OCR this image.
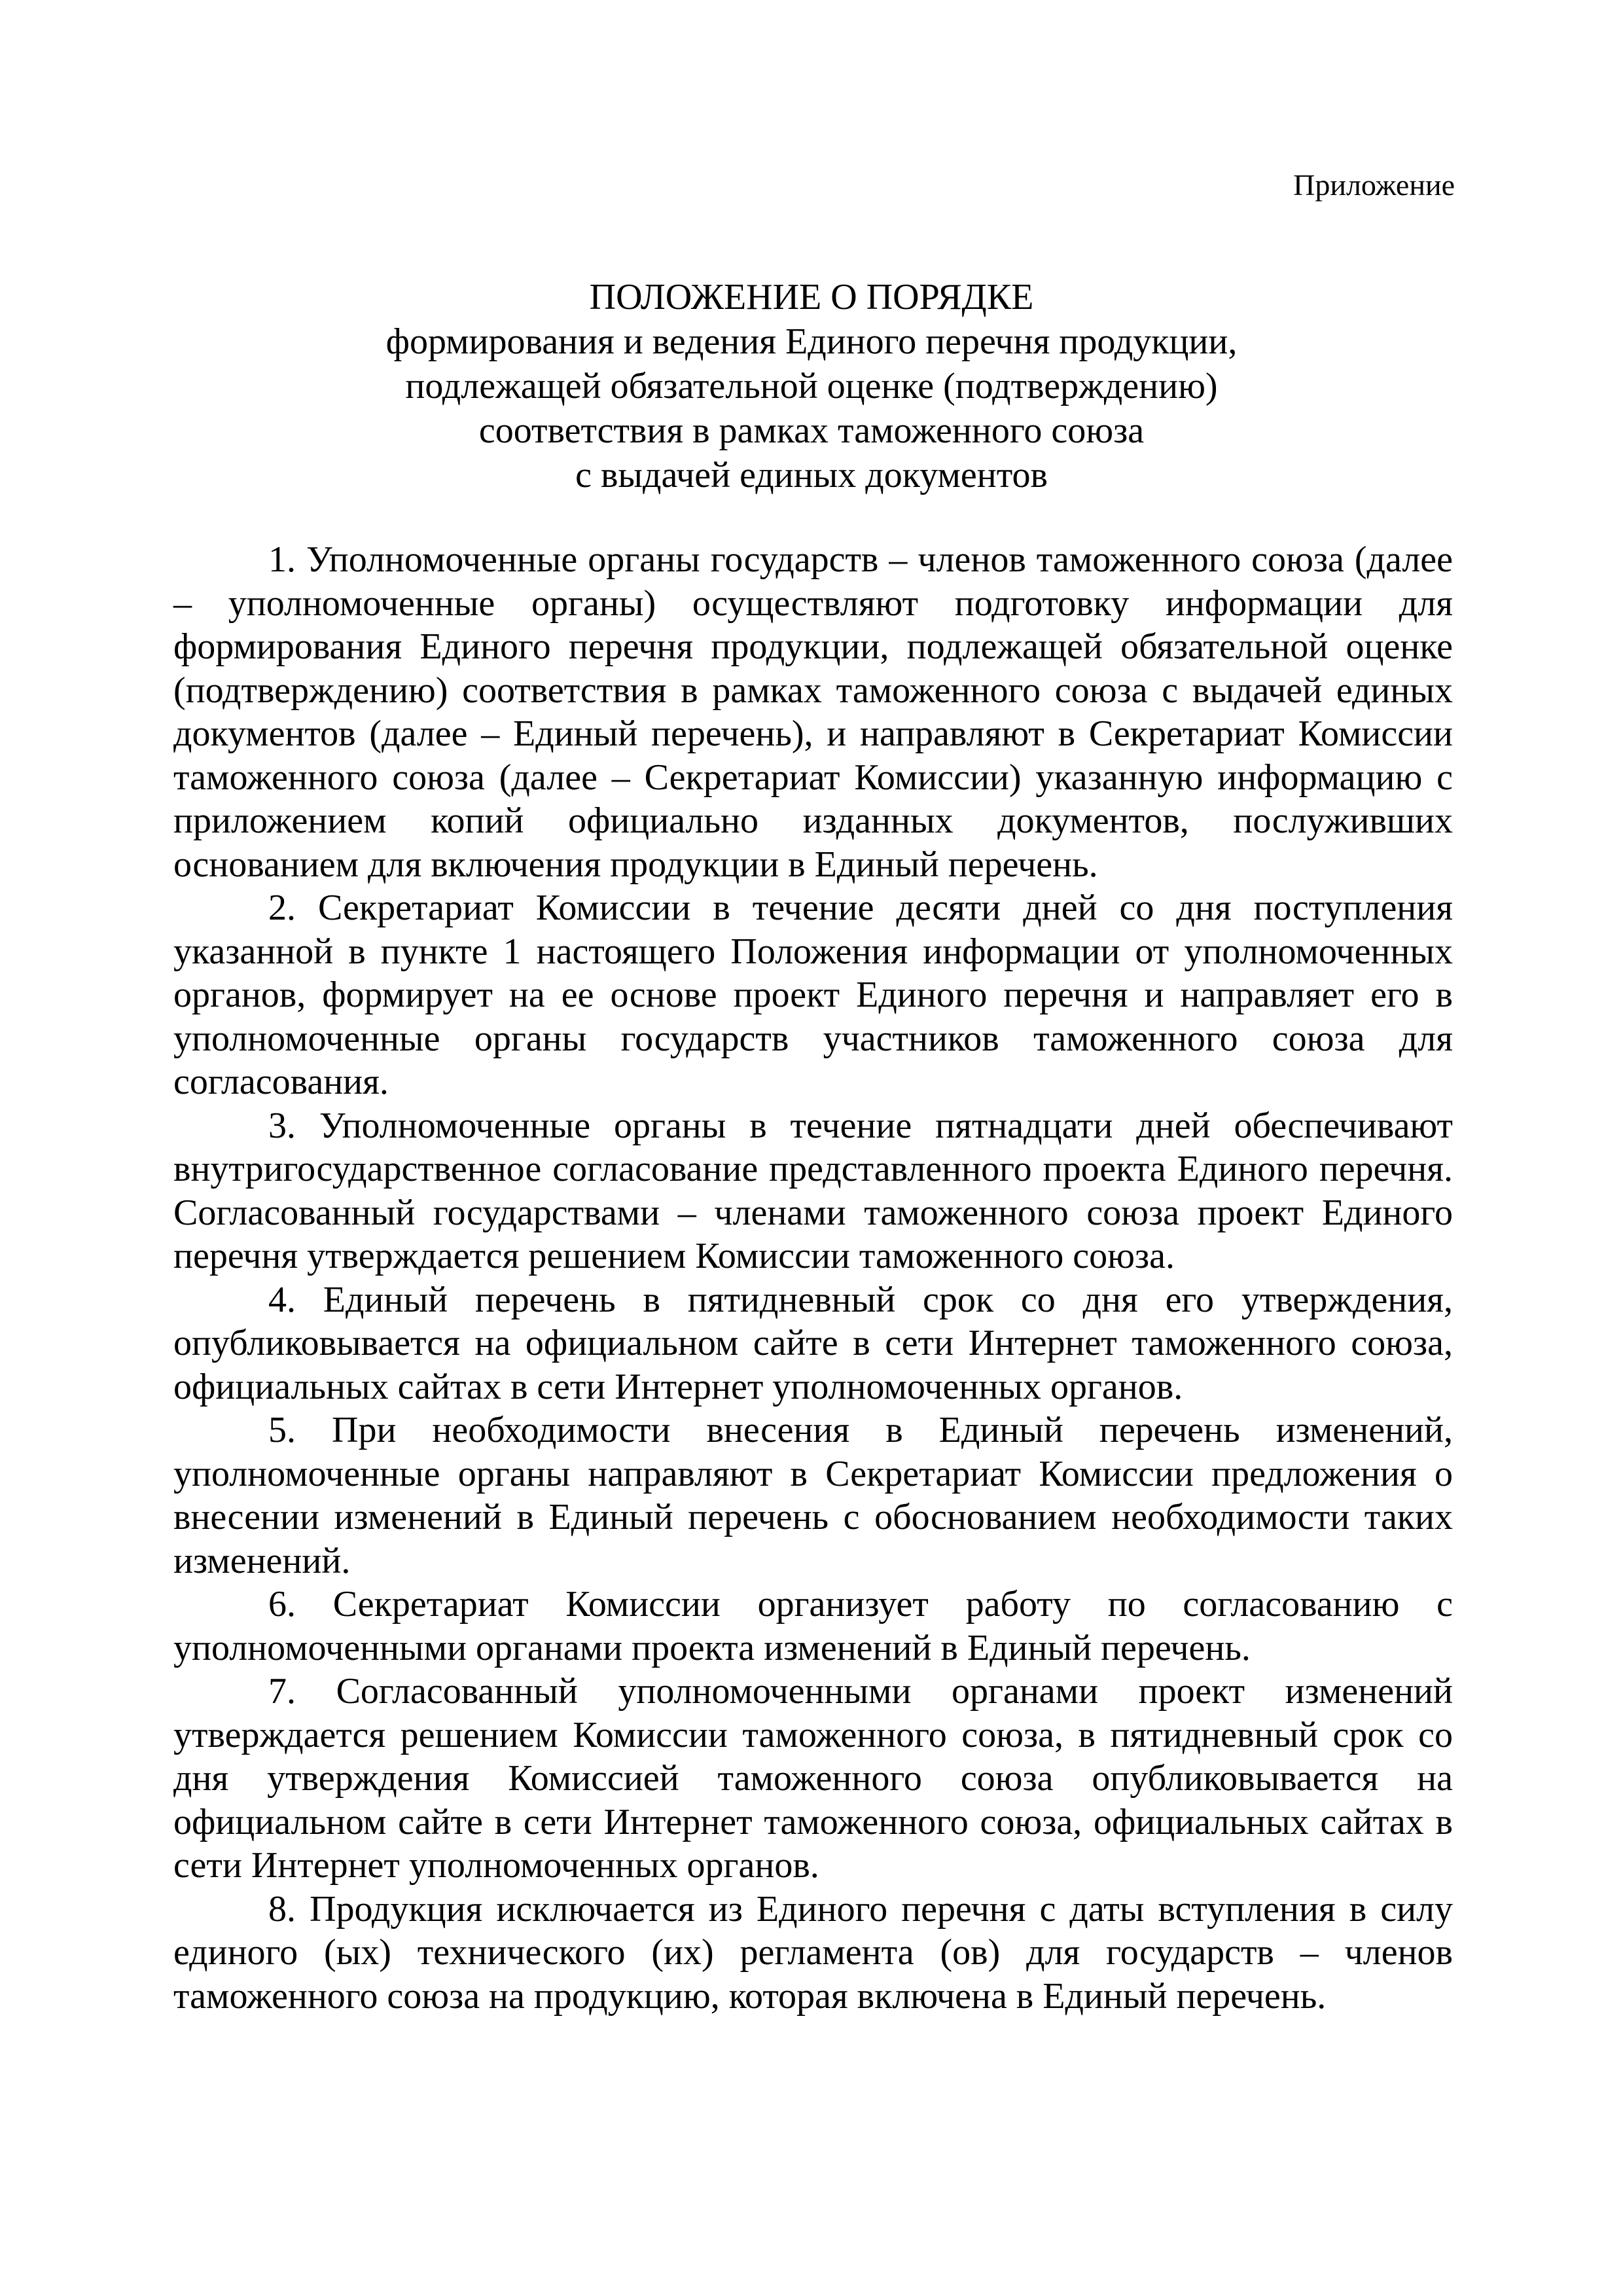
Приложение
ПОЛОЖЕНИЕ О ПОРЯДКЕ
формирования и ведения Единого перечня продукции,
подлежащей обязательной оценке (подтверждению)
соответствия в рамках таможенного союза
с выдачей единых документов

1. Уполномоченные органы государств – членов таможенного союза (далее – уполномоченные органы) осуществляют подготовку информации для формирования Единого перечня продукции, подлежащей обязательной оценке (подтверждению) соответствия в рамках таможенного союза с выдачей единых документов (далее – Единый перечень), и направляют в Секретариат Комиссии таможенного союза (далее – Секретариат Комиссии) указанную информацию с приложением копий официально изданных документов, послуживших основанием для включения продукции в Единый перечень.

2. Секретариат Комиссии в течение десяти дней со дня поступления указанной в пункте 1 настоящего Положения информации от уполномоченных органов, формирует на ее основе проект Единого перечня и направляет его в уполномоченные органы государств участников таможенного союза для согласования.

3. Уполномоченные органы в течение пятнадцати дней обеспечивают внутригосударственное согласование представленного проекта Единого перечня. Согласованный государствами – членами таможенного союза проект Единого перечня утверждается решением Комиссии таможенного союза.

4. Единый перечень в пятидневный срок со дня его утверждения, опубликовывается на официальном сайте в сети Интернет таможенного союза, официальных сайтах в сети Интернет уполномоченных органов.

5. При необходимости внесения в Единый перечень изменений, уполномоченные органы направляют в Секретариат Комиссии предложения о внесении изменений в Единый перечень с обоснованием необходимости таких изменений.

6. Секретариат Комиссии организует работу по согласованию с уполномоченными органами проекта изменений в Единый перечень.

7. Согласованный уполномоченными органами проект изменений утверждается решением Комиссии таможенного союза, в пятидневный срок со дня утверждения Комиссией таможенного союза опубликовывается на официальном сайте в сети Интернет таможенного союза, официальных сайтах в сети Интернет уполномоченных органов.

8. Продукция исключается из Единого перечня с даты вступления в силу единого (ых) технического (их) регламента (ов) для государств – членов таможенного союза на продукцию, которая включена в Единый перечень.
